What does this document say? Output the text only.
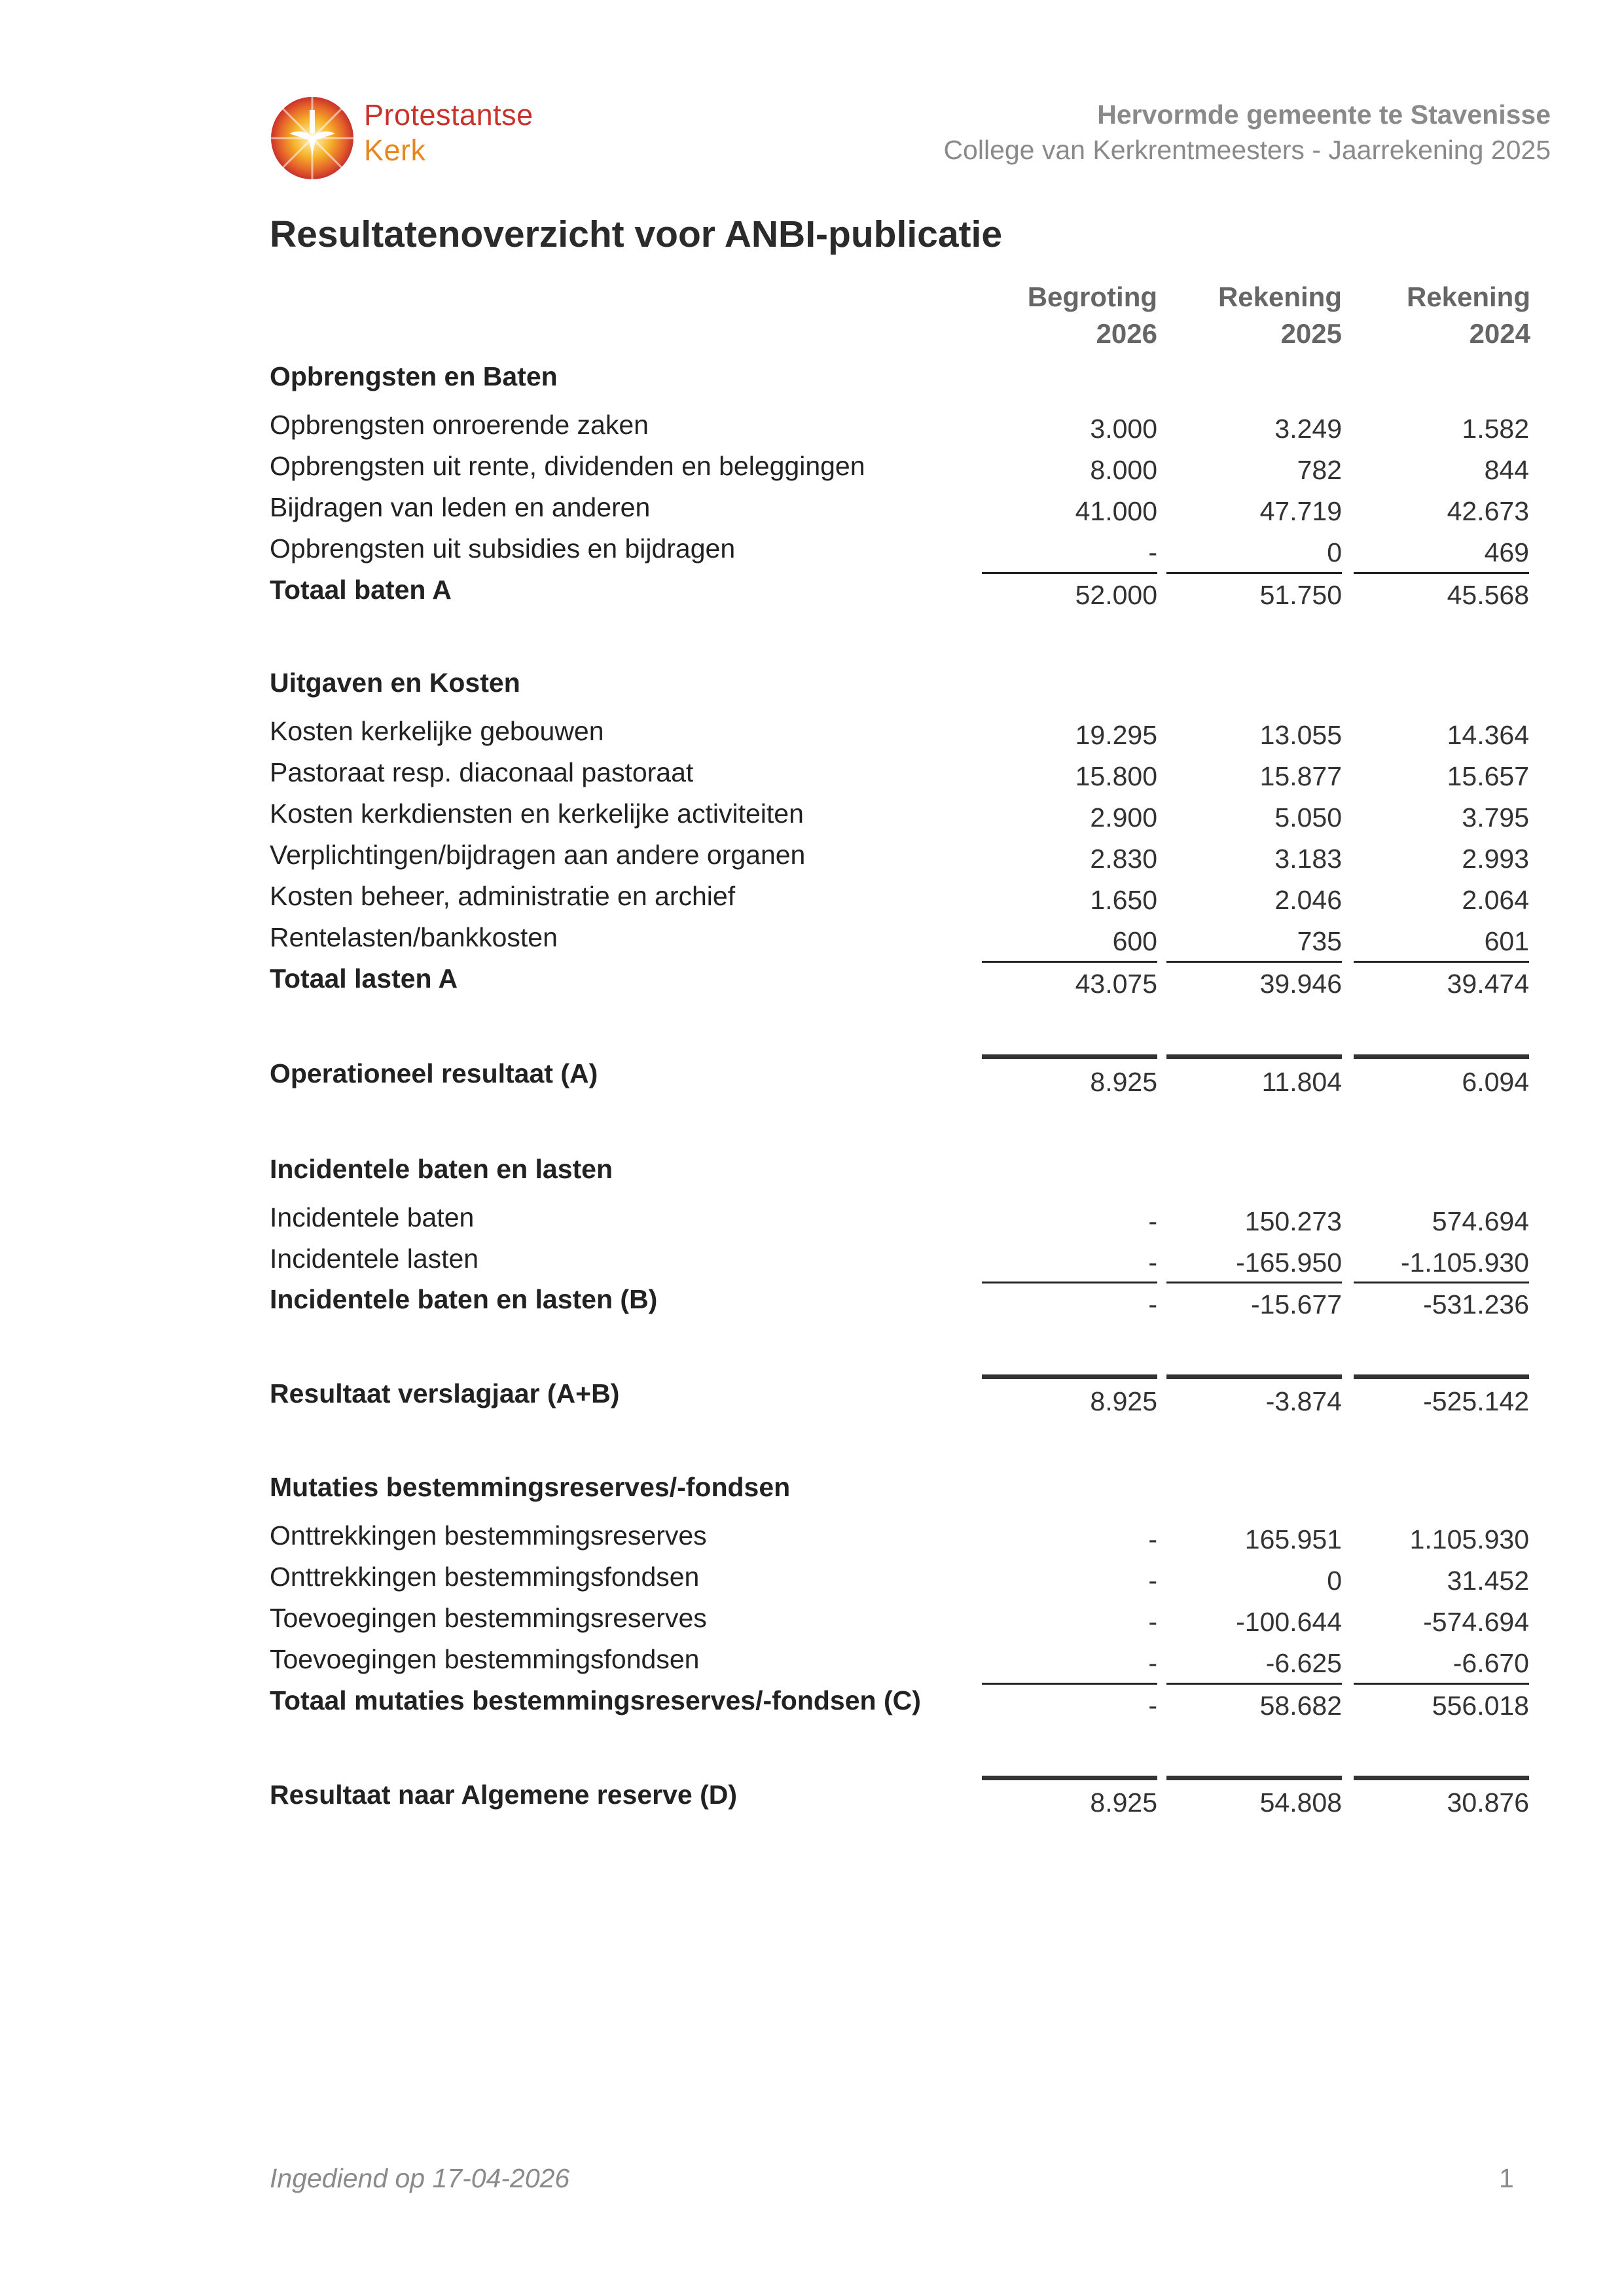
Protestantse
Kerk
Hervormde gemeente te Stavenisse
College van Kerkrentmeesters - Jaarrekening 2025
Resultatenoverzicht voor ANBI-publicatie
Begroting
2026
Rekening
2025
Rekening
2024
Opbrengsten en Baten
Opbrengsten onroerende zaken	3.000	3.249	1.582
Opbrengsten uit rente, dividenden en beleggingen	8.000	782	844
Bijdragen van leden en anderen	41.000	47.719	42.673
Opbrengsten uit subsidies en bijdragen	-	0	469
Totaal baten A	52.000	51.750	45.568
Uitgaven en Kosten
Kosten kerkelijke gebouwen	19.295	13.055	14.364
Pastoraat resp. diaconaal pastoraat	15.800	15.877	15.657
Kosten kerkdiensten en kerkelijke activiteiten	2.900	5.050	3.795
Verplichtingen/bijdragen aan andere organen	2.830	3.183	2.993
Kosten beheer, administratie en archief	1.650	2.046	2.064
Rentelasten/bankkosten	600	735	601
Totaal lasten A	43.075	39.946	39.474
Operationeel resultaat (A)	8.925	11.804	6.094
Incidentele baten en lasten
Incidentele baten	-	150.273	574.694
Incidentele lasten	-	-165.950	-1.105.930
Incidentele baten en lasten (B)	-	-15.677	-531.236
Resultaat verslagjaar (A+B)	8.925	-3.874	-525.142
Mutaties bestemmingsreserves/-fondsen
Onttrekkingen bestemmingsreserves	-	165.951	1.105.930
Onttrekkingen bestemmingsfondsen	-	0	31.452
Toevoegingen bestemmingsreserves	-	-100.644	-574.694
Toevoegingen bestemmingsfondsen	-	-6.625	-6.670
Totaal mutaties bestemmingsreserves/-fondsen (C)	-	58.682	556.018
Resultaat naar Algemene reserve (D)	8.925	54.808	30.876
Ingediend op 17-04-2026	1
